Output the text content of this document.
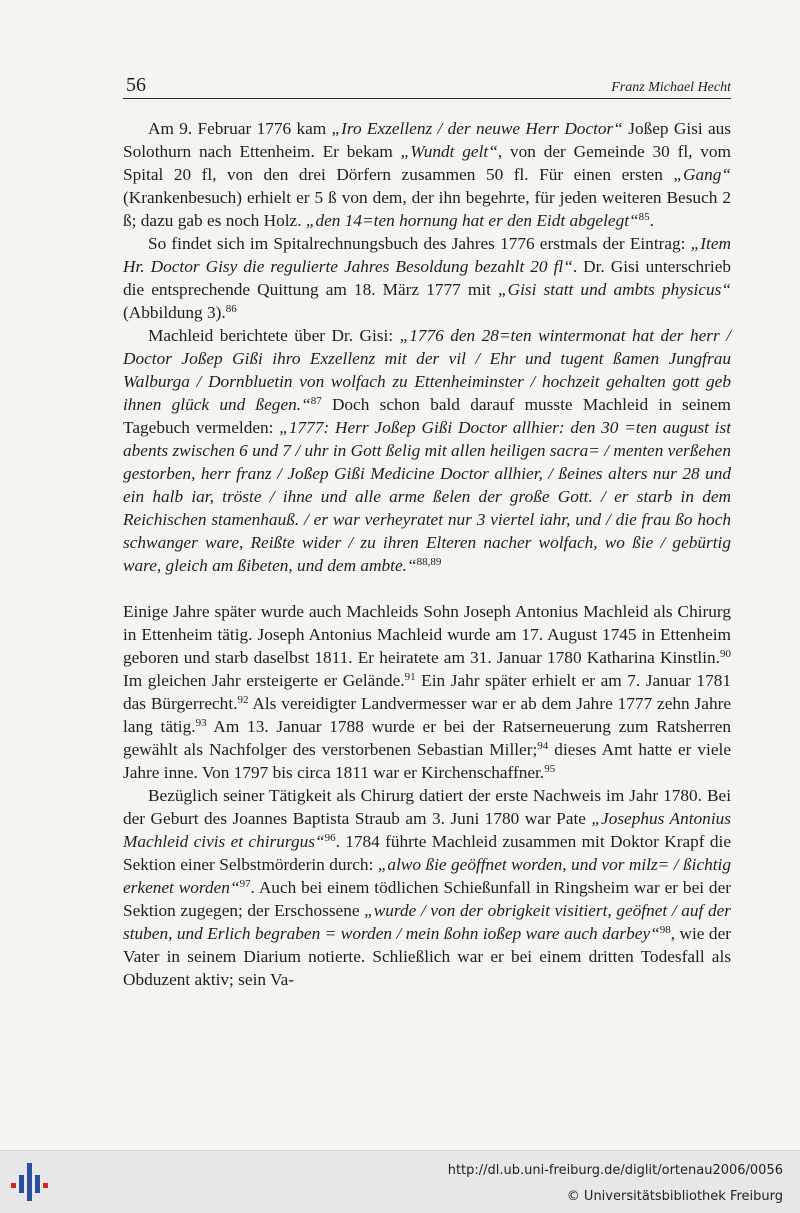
56	Franz Michael Hecht

Am 9. Februar 1776 kam „Iro Exzellenz / der neuwe Herr Doctor“ Joßep Gisi aus Solothurn nach Ettenheim. Er bekam „Wundt gelt“, von der Gemeinde 30 fl, vom Spital 20 fl, von den drei Dörfern zusammen 50 fl. Für einen ersten „Gang“ (Krankenbesuch) erhielt er 5 ß von dem, der ihn begehrte, für jeden weiteren Besuch 2 ß; dazu gab es noch Holz. „den 14=ten hornung hat er den Eidt abgelegt“$^{85}$.

So findet sich im Spitalrechnungsbuch des Jahres 1776 erstmals der Eintrag: „Item Hr. Doctor Gisy die regulierte Jahres Besoldung bezahlt 20 fl“. Dr. Gisi unterschrieb die entsprechende Quittung am 18. März 1777 mit „Gisi statt und ambts physicus“ (Abbildung 3).$^{86}$

Machleid berichtete über Dr. Gisi: „1776 den 28=ten wintermonat hat der herr / Doctor Joßep Gißi ihro Exzellenz mit der vil / Ehr und tugent ßamen Jungfrau Walburga / Dornbluetin von wolfach zu Ettenheiminster / hochzeit gehalten gott geb ihnen glück und ßegen.“$^{87}$ Doch schon bald darauf musste Machleid in seinem Tagebuch vermelden: „1777: Herr Joßep Gißi Doctor allhier: den 30 =ten august ist abents zwischen 6 und 7 / uhr in Gott ßelig mit allen heiligen sacra= / menten verßehen gestorben, herr franz / Joßep Gißi Medicine Doctor allhier, / ßeines alters nur 28 und ein halb iar, tröste / ihne und alle arme ßelen der große Gott. / er starb in dem Reichischen stamenhauß. / er war verheyratet nur 3 viertel iahr, und / die frau ßo hoch schwanger ware, Reißte wider / zu ihren Elteren nacher wolfach, wo ßie / gebürtig ware, gleich am ßibeten, und dem ambte.“$^{88,89}$

Einige Jahre später wurde auch Machleids Sohn Joseph Antonius Machleid als Chirurg in Ettenheim tätig. Joseph Antonius Machleid wurde am 17. August 1745 in Ettenheim geboren und starb daselbst 1811. Er heiratete am 31. Januar 1780 Katharina Kinstlin.$^{90}$ Im gleichen Jahr ersteigerte er Gelände.$^{91}$ Ein Jahr später erhielt er am 7. Januar 1781 das Bürgerrecht.$^{92}$ Als vereidigter Landvermesser war er ab dem Jahre 1777 zehn Jahre lang tätig.$^{93}$ Am 13. Januar 1788 wurde er bei der Ratserneuerung zum Ratsherren gewählt als Nachfolger des verstorbenen Sebastian Miller;$^{94}$ dieses Amt hatte er viele Jahre inne. Von 1797 bis circa 1811 war er Kirchenschaffner.$^{95}$

Bezüglich seiner Tätigkeit als Chirurg datiert der erste Nachweis im Jahr 1780. Bei der Geburt des Joannes Baptista Straub am 3. Juni 1780 war Pate „Josephus Antonius Machleid civis et chirurgus“$^{96}$. 1784 führte Machleid zusammen mit Doktor Krapf die Sektion einer Selbstmörderin durch: „alwo ßie geöffnet worden, und vor milz= / ßichtig erkenet worden“$^{97}$. Auch bei einem tödlichen Schießunfall in Ringsheim war er bei der Sektion zugegen; der Erschossene „wurde / von der obrigkeit visitiert, geöfnet / auf der stuben, und Erlich begraben = worden / mein ßohn ioßep ware auch darbey“$^{98}$, wie der Vater in seinem Diarium notierte. Schließlich war er bei einem dritten Todesfall als Obduzent aktiv; sein Va-

http://dl.ub.uni-freiburg.de/diglit/ortenau2006/0056
© Universitätsbibliothek Freiburg
